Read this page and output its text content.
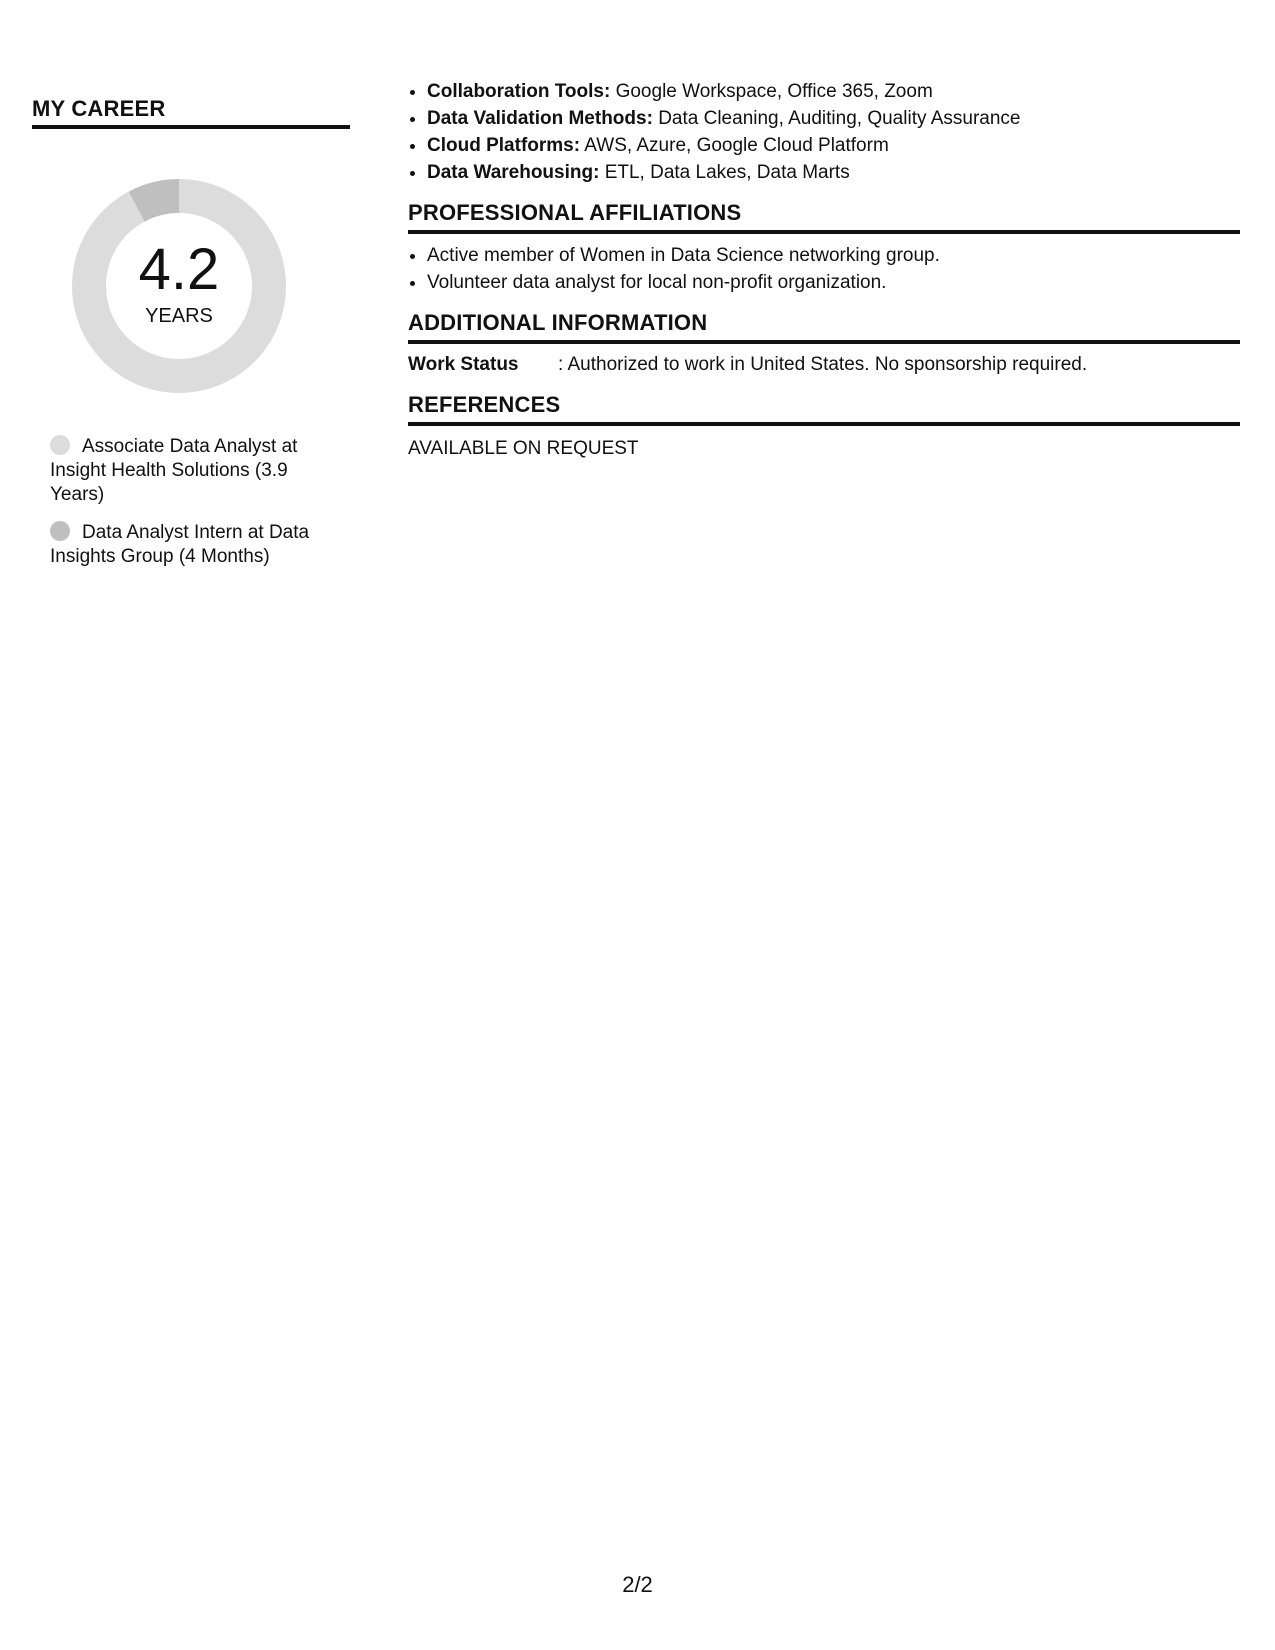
MY CAREER
4.2
YEARS
Associate Data Analyst at Insight Health Solutions (3.9 Years)
Data Analyst Intern at Data Insights Group (4 Months)
• Collaboration Tools: Google Workspace, Office 365, Zoom
• Data Validation Methods: Data Cleaning, Auditing, Quality Assurance
• Cloud Platforms: AWS, Azure, Google Cloud Platform
• Data Warehousing: ETL, Data Lakes, Data Marts
PROFESSIONAL AFFILIATIONS
• Active member of Women in Data Science networking group.
• Volunteer data analyst for local non-profit organization.
ADDITIONAL INFORMATION
Work Status	: Authorized to work in United States. No sponsorship required.
REFERENCES
AVAILABLE ON REQUEST
2/2
